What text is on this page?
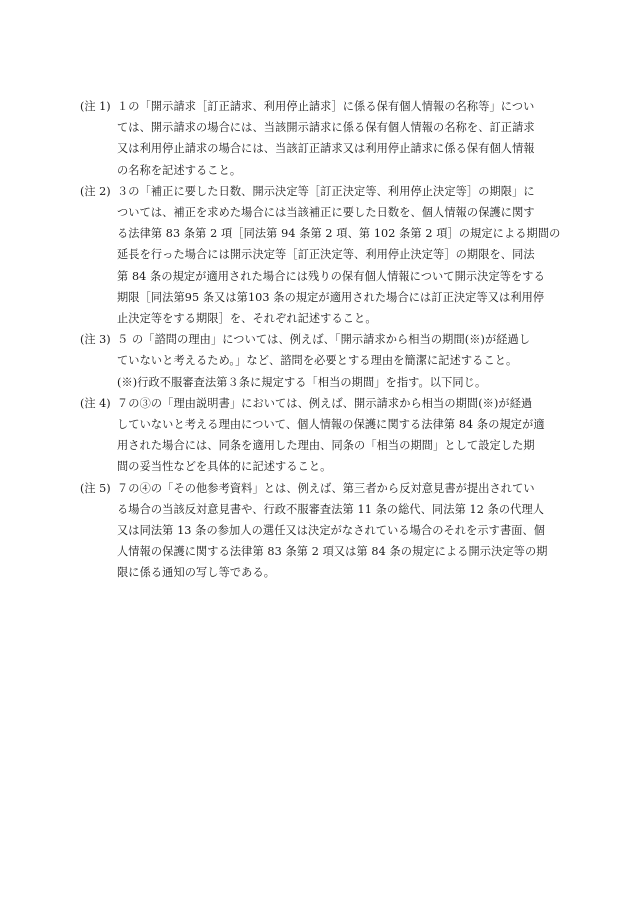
(注 1) １の「開示請求［訂正請求、利用停止請求］に係る保有個人情報の名称等」につい
ては、開示請求の場合には、当該開示請求に係る保有個人情報の名称を、訂正請求
又は利用停止請求の場合には、当該訂正請求又は利用停止請求に係る保有個人情報
の名称を記述すること。
(注 2) ３の「補正に要した日数、開示決定等［訂正決定等、利用停止決定等］の期限」に
ついては、補正を求めた場合には当該補正に要した日数を、個人情報の保護に関す
る法律第 83 条第 2 項［同法第 94 条第 2 項、第 102 条第 2 項］の規定による期間の
延長を行った場合には開示決定等［訂正決定等、利用停止決定等］の期限を、同法
第 84 条の規定が適用された場合には残りの保有個人情報について開示決定等をする
期限［同法第95 条又は第103 条の規定が適用された場合には訂正決定等又は利用停
止決定等をする期限］を、それぞれ記述すること。
(注 3) ５ の「諮問の理由」については、例えば、「開示請求から相当の期間(※)が経過し
ていないと考えるため。」など、諮問を必要とする理由を簡潔に記述すること。
(※)行政不服審査法第３条に規定する「相当の期間」を指す。以下同じ。
(注 4) ７の③の「理由説明書」においては、例えば、開示請求から相当の期間(※)が経過
していないと考える理由について、個人情報の保護に関する法律第 84 条の規定が適
用された場合には、同条を適用した理由、同条の「相当の期間」として設定した期
間の妥当性などを具体的に記述すること。
(注 5) ７の④の「その他参考資料」とは、例えば、第三者から反対意見書が提出されてい
る場合の当該反対意見書や、行政不服審査法第 11 条の総代、同法第 12 条の代理人
又は同法第 13 条の参加人の選任又は決定がなされている場合のそれを示す書面、個
人情報の保護に関する法律第 83 条第 2 項又は第 84 条の規定による開示決定等の期
限に係る通知の写し等である。
